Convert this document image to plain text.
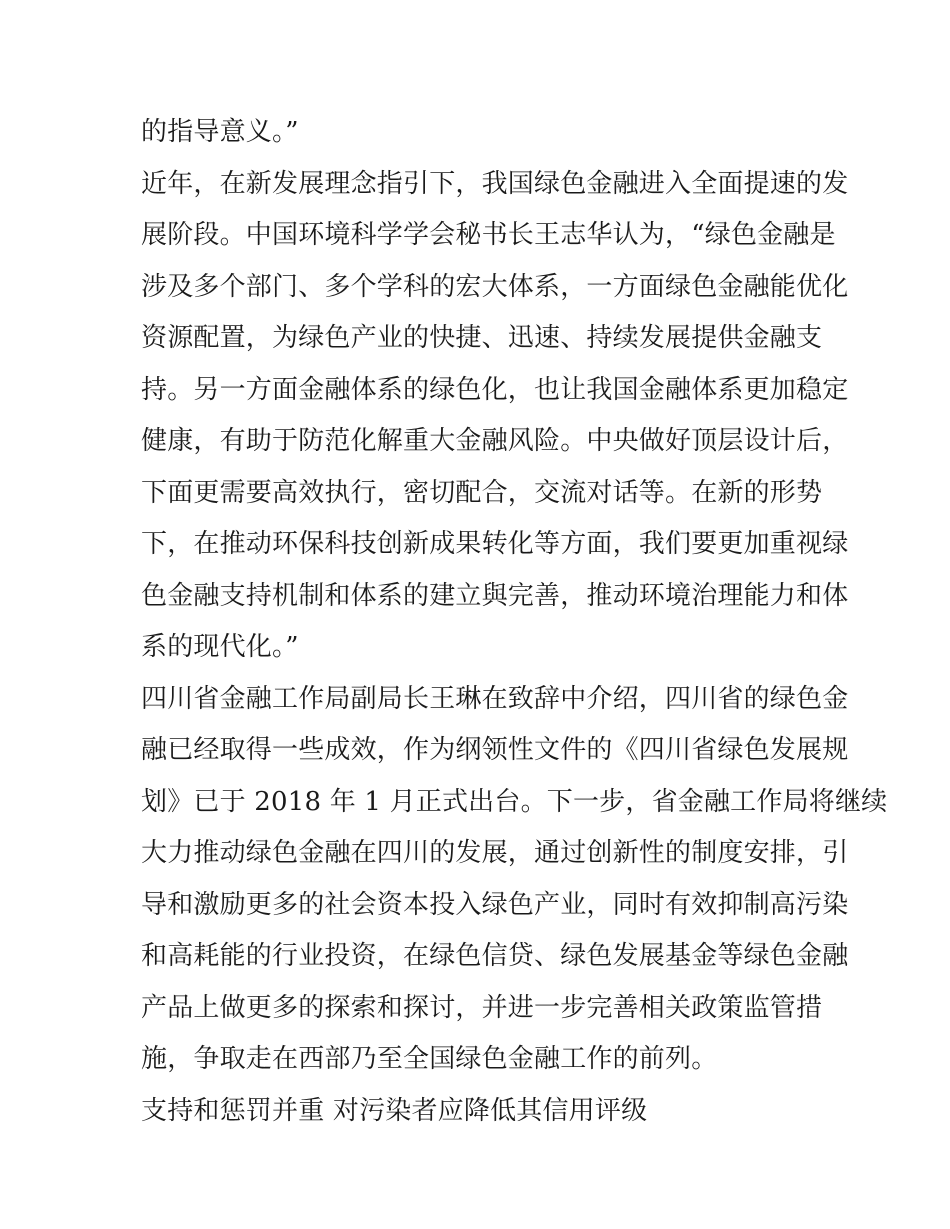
的指导意义。”
近年，在新发展理念指引下，我国绿色金融进入全面提速的发
展阶段。中国环境科学学会秘书长王志华认为，“绿色金融是
涉及多个部门、多个学科的宏大体系，一方面绿色金融能优化
资源配置，为绿色产业的快捷、迅速、持续发展提供金融支
持。另一方面金融体系的绿色化，也让我国金融体系更加稳定
健康，有助于防范化解重大金融风险。中央做好顶层设计后，
下面更需要高效执行，密切配合，交流对话等。在新的形势
下，在推动环保科技创新成果转化等方面，我们要更加重视绿
色金融支持机制和体系的建立與完善，推动环境治理能力和体
系的现代化。”
四川省金融工作局副局长王琳在致辞中介绍，四川省的绿色金
融已经取得一些成效，作为纲领性文件的《四川省绿色发展规
划》已于 2018 年 1 月正式出台。下一步，省金融工作局将继续
大力推动绿色金融在四川的发展，通过创新性的制度安排，引
导和激励更多的社会资本投入绿色产业，同时有效抑制高污染
和高耗能的行业投资，在绿色信贷、绿色发展基金等绿色金融
产品上做更多的探索和探讨，并进一步完善相关政策监管措
施，争取走在西部乃至全国绿色金融工作的前列。
支持和惩罚并重 对污染者应降低其信用评级
